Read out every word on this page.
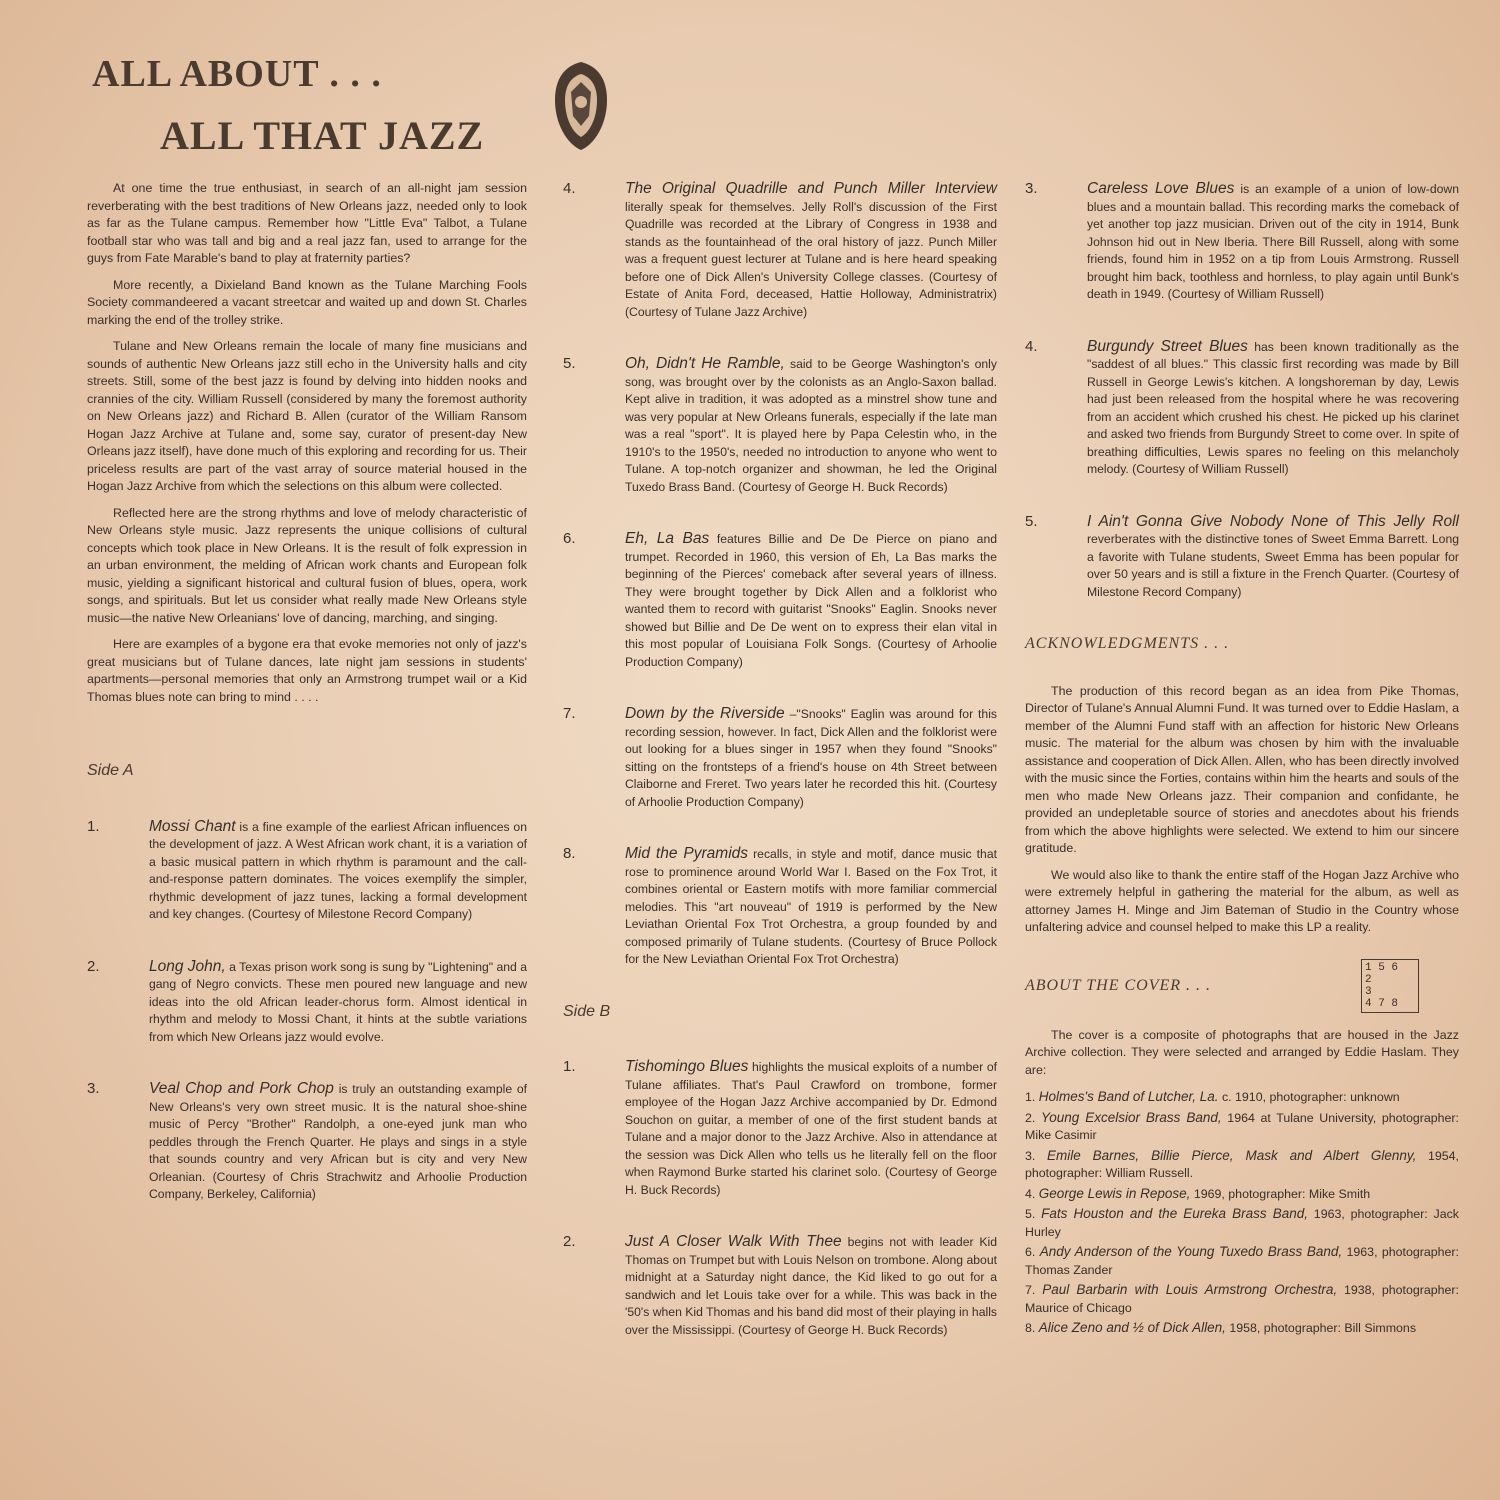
ALL ABOUT . . .
ALL THAT JAZZ

At one time the true enthusiast, in search of an all-night jam session reverberating with the best traditions of New Orleans jazz, needed only to look as far as the Tulane campus. Remember how "Little Eva" Talbot, a Tulane football star who was tall and big and a real jazz fan, used to arrange for the guys from Fate Marable's band to play at fraternity parties?

More recently, a Dixieland Band known as the Tulane Marching Fools Society commandeered a vacant streetcar and waited up and down St. Charles marking the end of the trolley strike.

Tulane and New Orleans remain the locale of many fine musicians and sounds of authentic New Orleans jazz still echo in the University halls and city streets. Still, some of the best jazz is found by delving into hidden nooks and crannies of the city. William Russell (considered by many the foremost authority on New Orleans jazz) and Richard B. Allen (curator of the William Ransom Hogan Jazz Archive at Tulane and, some say, curator of present-day New Orleans jazz itself), have done much of this exploring and recording for us. Their priceless results are part of the vast array of source material housed in the Hogan Jazz Archive from which the selections on this album were collected.

Reflected here are the strong rhythms and love of melody characteristic of New Orleans style music. Jazz represents the unique collisions of cultural concepts which took place in New Orleans. It is the result of folk expression in an urban environment, the melding of African work chants and European folk music, yielding a significant historical and cultural fusion of blues, opera, work songs, and spirituals. But let us consider what really made New Orleans style music—the native New Orleanians' love of dancing, marching, and singing.

Here are examples of a bygone era that evoke memories not only of jazz's great musicians but of Tulane dances, late night jam sessions in students' apartments—personal memories that only an Armstrong trumpet wail or a Kid Thomas blues note can bring to mind . . . .

Side A
1.	Mossi Chant is a fine example of the earliest African influences on the development of jazz. A West African work chant, it is a variation of a basic musical pattern in which rhythm is paramount and the call-and-response pattern dominates. The voices exemplify the simpler, rhythmic development of jazz tunes, lacking a formal development and key changes. (Courtesy of Milestone Record Company)
2.	Long John, a Texas prison work song is sung by "Lightening" and a gang of Negro convicts. These men poured new language and new ideas into the old African leader-chorus form. Almost identical in rhythm and melody to Mossi Chant, it hints at the subtle variations from which New Orleans jazz would evolve.
3.	Veal Chop and Pork Chop is truly an outstanding example of New Orleans's very own street music. It is the natural shoe-shine music of Percy "Brother" Randolph, a one-eyed junk man who peddles through the French Quarter. He plays and sings in a style that sounds country and very African but is city and very New Orleanian. (Courtesy of Chris Strachwitz and Arhoolie Production Company, Berkeley, California)
4.	The Original Quadrille and Punch Miller Interview literally speak for themselves. Jelly Roll's discussion of the First Quadrille was recorded at the Library of Congress in 1938 and stands as the fountainhead of the oral history of jazz. Punch Miller was a frequent guest lecturer at Tulane and is here heard speaking before one of Dick Allen's University College classes. (Courtesy of Estate of Anita Ford, deceased, Hattie Holloway, Administratrix) (Courtesy of Tulane Jazz Archive)
5.	Oh, Didn't He Ramble, said to be George Washington's only song, was brought over by the colonists as an Anglo-Saxon ballad. Kept alive in tradition, it was adopted as a minstrel show tune and was very popular at New Orleans funerals, especially if the late man was a real "sport". It is played here by Papa Celestin who, in the 1910's to the 1950's, needed no introduction to anyone who went to Tulane. A top-notch organizer and showman, he led the Original Tuxedo Brass Band. (Courtesy of George H. Buck Records)
6.	Eh, La Bas features Billie and De De Pierce on piano and trumpet. Recorded in 1960, this version of Eh, La Bas marks the beginning of the Pierces' comeback after several years of illness. They were brought together by Dick Allen and a folklorist who wanted them to record with guitarist "Snooks" Eaglin. Snooks never showed but Billie and De De went on to express their elan vital in this most popular of Louisiana Folk Songs. (Courtesy of Arhoolie Production Company)
7.	Down by the Riverside –"Snooks" Eaglin was around for this recording session, however. In fact, Dick Allen and the folklorist were out looking for a blues singer in 1957 when they found "Snooks" sitting on the frontsteps of a friend's house on 4th Street between Claiborne and Freret. Two years later he recorded this hit. (Courtesy of Arhoolie Production Company)
8.	Mid the Pyramids recalls, in style and motif, dance music that rose to prominence around World War I. Based on the Fox Trot, it combines oriental or Eastern motifs with more familiar commercial melodies. This "art nouveau" of 1919 is performed by the New Leviathan Oriental Fox Trot Orchestra, a group founded by and composed primarily of Tulane students. (Courtesy of Bruce Pollock for the New Leviathan Oriental Fox Trot Orchestra)
Side B
1.	Tishomingo Blues highlights the musical exploits of a number of Tulane affiliates. That's Paul Crawford on trombone, former employee of the Hogan Jazz Archive accompanied by Dr. Edmond Souchon on guitar, a member of one of the first student bands at Tulane and a major donor to the Jazz Archive. Also in attendance at the session was Dick Allen who tells us he literally fell on the floor when Raymond Burke started his clarinet solo. (Courtesy of George H. Buck Records)
2.	Just A Closer Walk With Thee begins not with leader Kid Thomas on Trumpet but with Louis Nelson on trombone. Along about midnight at a Saturday night dance, the Kid liked to go out for a sandwich and let Louis take over for a while. This was back in the '50's when Kid Thomas and his band did most of their playing in halls over the Mississippi. (Courtesy of George H. Buck Records)
3.	Careless Love Blues is an example of a union of low-down blues and a mountain ballad. This recording marks the comeback of yet another top jazz musician. Driven out of the city in 1914, Bunk Johnson hid out in New Iberia. There Bill Russell, along with some friends, found him in 1952 on a tip from Louis Armstrong. Russell brought him back, toothless and hornless, to play again until Bunk's death in 1949. (Courtesy of William Russell)
4.	Burgundy Street Blues has been known traditionally as the "saddest of all blues." This classic first recording was made by Bill Russell in George Lewis's kitchen. A longshoreman by day, Lewis had just been released from the hospital where he was recovering from an accident which crushed his chest. He picked up his clarinet and asked two friends from Burgundy Street to come over. In spite of breathing difficulties, Lewis spares no feeling on this melancholy melody. (Courtesy of William Russell)
5.	I Ain't Gonna Give Nobody None of This Jelly Roll reverberates with the distinctive tones of Sweet Emma Barrett. Long a favorite with Tulane students, Sweet Emma has been popular for over 50 years and is still a fixture in the French Quarter. (Courtesy of Milestone Record Company)
ACKNOWLEDGMENTS . . .

The production of this record began as an idea from Pike Thomas, Director of Tulane's Annual Alumni Fund. It was turned over to Eddie Haslam, a member of the Alumni Fund staff with an affection for historic New Orleans music. The material for the album was chosen by him with the invaluable assistance and cooperation of Dick Allen. Allen, who has been directly involved with the music since the Forties, contains within him the hearts and souls of the men who made New Orleans jazz. Their companion and confidante, he provided an undepletable source of stories and anecdotes about his friends from which the above highlights were selected. We extend to him our sincere gratitude.

We would also like to thank the entire staff of the Hogan Jazz Archive who were extremely helpful in gathering the material for the album, as well as attorney James H. Minge and Jim Bateman of Studio in the Country whose unfaltering advice and counsel helped to make this LP a reality.

ABOUT THE COVER . . .
1 5 6
2
3
4 7 8

The cover is a composite of photographs that are housed in the Jazz Archive collection. They were selected and arranged by Eddie Haslam. They are:

1. Holmes's Band of Lutcher, La. c. 1910, photographer: unknown
2. Young Excelsior Brass Band, 1964 at Tulane University, photographer: Mike Casimir
3. Emile Barnes, Billie Pierce, Mask and Albert Glenny, 1954, photographer: William Russell.
4. George Lewis in Repose, 1969, photographer: Mike Smith
5. Fats Houston and the Eureka Brass Band, 1963, photographer: Jack Hurley
6. Andy Anderson of the Young Tuxedo Brass Band, 1963, photographer: Thomas Zander
7. Paul Barbarin with Louis Armstrong Orchestra, 1938, photographer: Maurice of Chicago
8. Alice Zeno and ½ of Dick Allen, 1958, photographer: Bill Simmons
